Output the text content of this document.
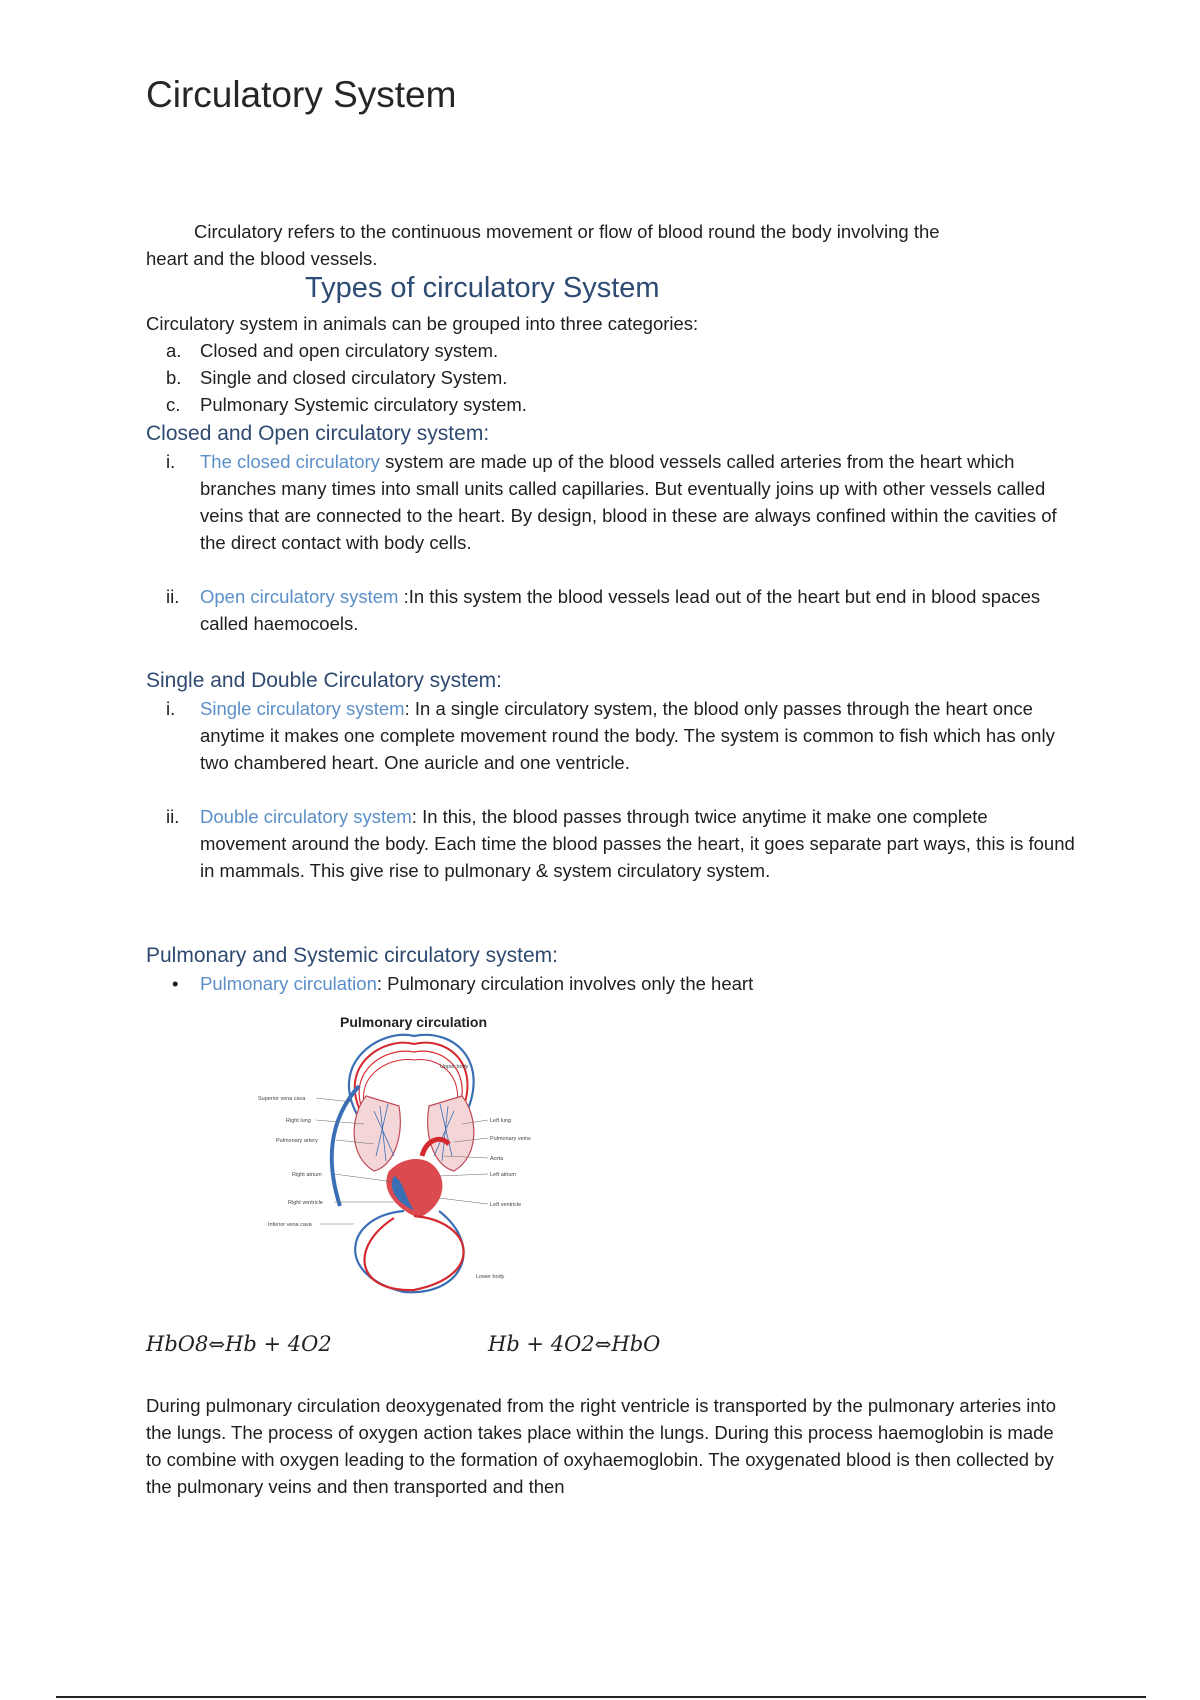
Circulatory System
Circulatory refers to the continuous movement or flow of blood round the body involving the
heart and the blood vessels.
Types of circulatory System
Circulatory system in animals can be grouped into three categories:
a. Closed and open circulatory system.
b. Single and closed circulatory System.
c. Pulmonary Systemic circulatory system.
Closed and Open circulatory system:
i. The closed circulatory system are made up of the blood vessels called arteries from the heart which branches many times into small units called capillaries. But eventually joins up with other vessels called veins that are connected to the heart. By design, blood in these are always confined within the cavities of the direct contact with body cells.
ii. Open circulatory system :In this system the blood vessels lead out of the heart but end in blood spaces called haemocoels.
Single and Double Circulatory system:
i. Single circulatory system: In a single circulatory system, the blood only passes through the heart once anytime it makes one complete movement round the body. The system is common to fish which has only two chambered heart. One auricle and one ventricle.
ii. Double circulatory system: In this, the blood passes through twice anytime it make one complete movement around the body. Each time the blood passes the heart, it goes separate part ways, this is found in mammals. This give rise to pulmonary & system circulatory system.
Pulmonary and Systemic circulatory system:
• Pulmonary circulation: Pulmonary circulation involves only the heart
Pulmonary circulation
Upper body
Superior vena cava
Right lung
Pulmonary artery
Right atrium
Right ventricle
Inferior vena cava
Left lung
Pulmonary veins
Aorta
Left atrium
Left ventricle
Lower body
HbO8⇔Hb + 4O2	Hb + 4O2⇔HbO
During pulmonary circulation deoxygenated from the right ventricle is transported by the pulmonary arteries into the lungs. The process of oxygen action takes place within the lungs. During this process haemoglobin is made to combine with oxygen leading to the formation of oxyhaemoglobin. The oxygenated blood is then collected by the pulmonary veins and then transported and then
